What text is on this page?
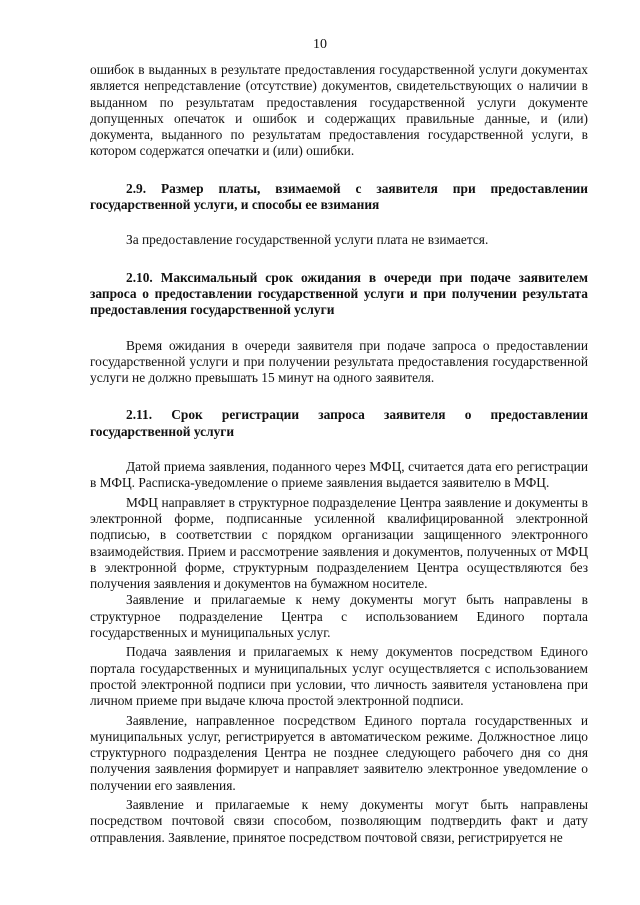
10

ошибок в выданных в результате предоставления государственной услуги документах является непредставление (отсутствие) документов, свидетельствующих о наличии в выданном по результатам предоставления государственной услуги документе допущенных опечаток и ошибок и содержащих правильные данные, и (или) документа, выданного по результатам предоставления государственной услуги, в котором содержатся опечатки и (или) ошибки.

2.9. Размер платы, взимаемой с заявителя при предоставлении государственной услуги, и способы ее взимания

За предоставление государственной услуги плата не взимается.

2.10. Максимальный срок ожидания в очереди при подаче заявителем запроса о предоставлении государственной услуги и при получении результата предоставления государственной услуги

Время ожидания в очереди заявителя при подаче запроса о предоставлении государственной услуги и при получении результата предоставления государственной услуги не должно превышать 15 минут на одного заявителя.

2.11. Срок регистрации запроса заявителя о предоставлении государственной услуги

Датой приема заявления, поданного через МФЦ, считается дата его регистрации в МФЦ. Расписка-уведомление о приеме заявления выдается заявителю в МФЦ.

МФЦ направляет в структурное подразделение Центра заявление и документы в электронной форме, подписанные усиленной квалифицированной электронной подписью, в соответствии с порядком организации защищенного электронного взаимодействия. Прием и рассмотрение заявления и документов, полученных от МФЦ в электронной форме, структурным подразделением Центра осуществляются без получения заявления и документов на бумажном носителе.

Заявление и прилагаемые к нему документы могут быть направлены в структурное подразделение Центра с использованием Единого портала государственных и муниципальных услуг.

Подача заявления и прилагаемых к нему документов посредством Единого портала государственных и муниципальных услуг осуществляется с использованием простой электронной подписи при условии, что личность заявителя установлена при личном приеме при выдаче ключа простой электронной подписи.

Заявление, направленное посредством Единого портала государственных и муниципальных услуг, регистрируется в автоматическом режиме. Должностное лицо структурного подразделения Центра не позднее следующего рабочего дня со дня получения заявления формирует и направляет заявителю электронное уведомление о получении его заявления.

Заявление и прилагаемые к нему документы могут быть направлены посредством почтовой связи способом, позволяющим подтвердить факт и дату отправления. Заявление, принятое посредством почтовой связи, регистрируется не
